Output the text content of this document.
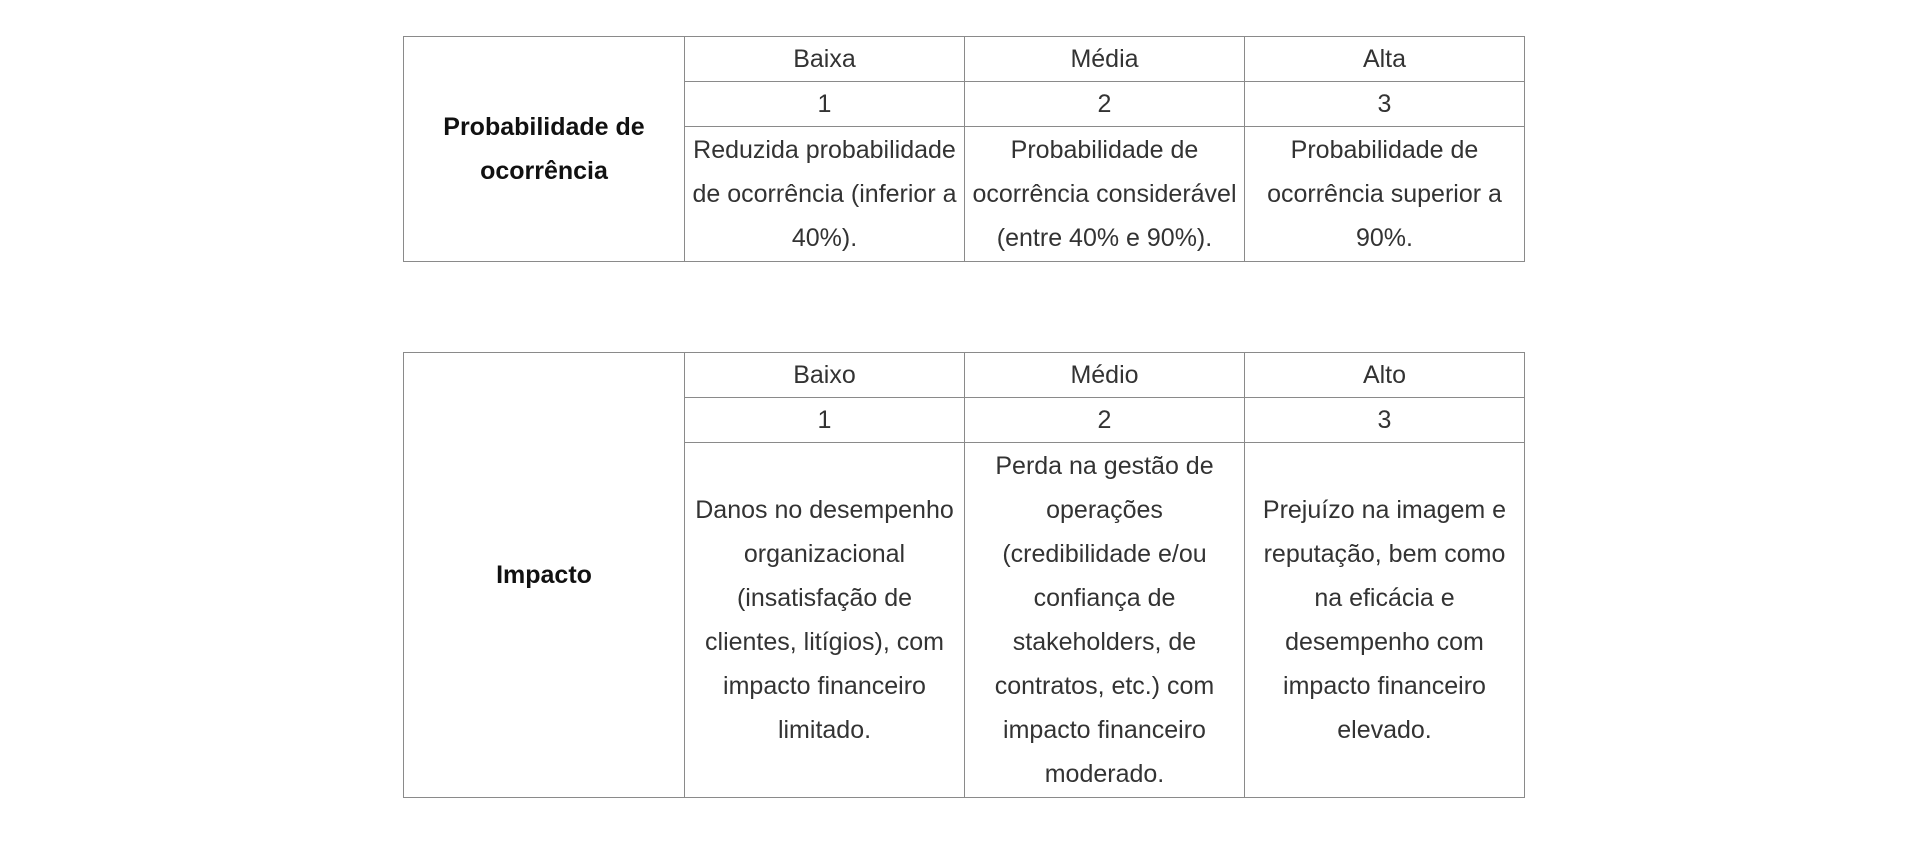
Probabilidade de ocorrência	Baixa	Média	Alta
	1	2	3
	Reduzida probabilidade de ocorrência (inferior a 40%).	Probabilidade de ocorrência considerável (entre 40% e 90%).	Probabilidade de ocorrência superior a 90%.
Impacto	Baixo	Médio	Alto
	1	2	3
	Danos no desempenho organizacional (insatisfação de clientes, litígios), com impacto financeiro limitado.	Perda na gestão de operações (credibilidade e/ou confiança de stakeholders, de contratos, etc.) com impacto financeiro moderado.	Prejuízo na imagem e reputação, bem como na eficácia e desempenho com impacto financeiro elevado.
